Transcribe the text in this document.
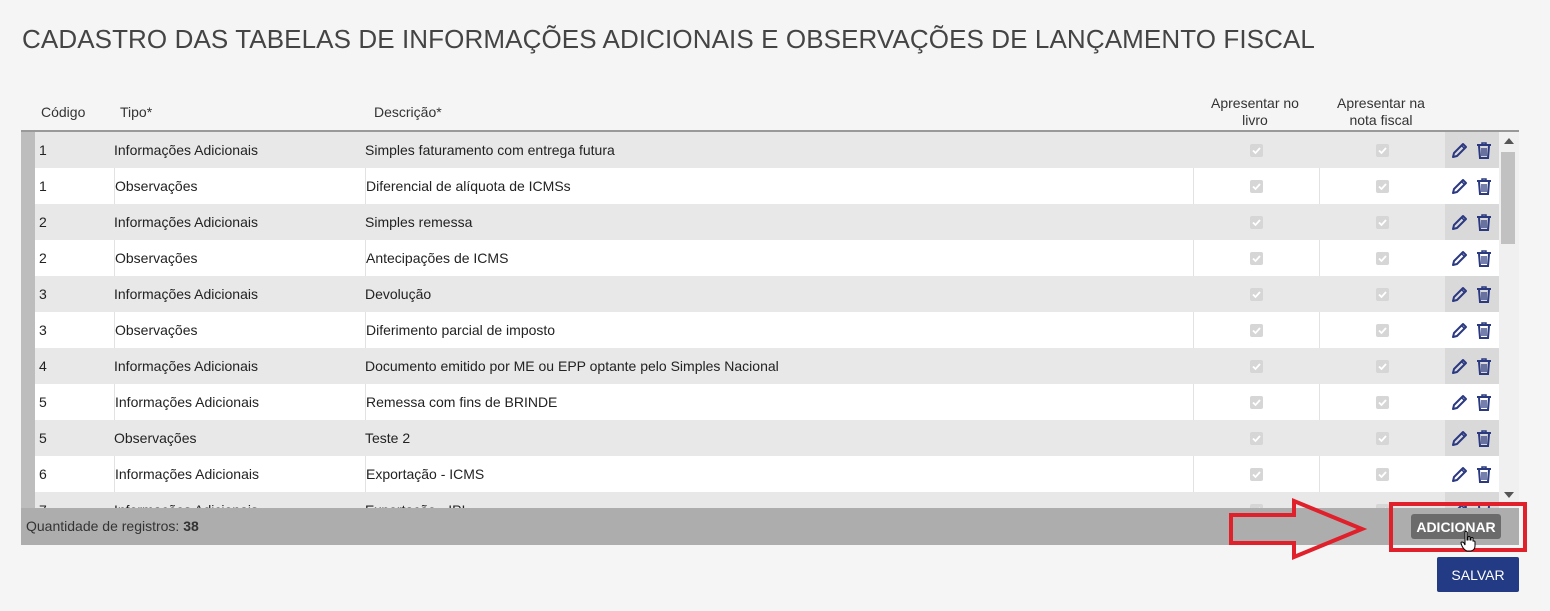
CADASTRO DAS TABELAS DE INFORMAÇÕES ADICIONAIS E OBSERVAÇÕES DE LANÇAMENTO FISCAL
Código	Tipo*	Descrição*
Apresentar no
livro
Apresentar na
nota fiscal
1	Informações Adicionais	Simples faturamento com entrega futura
1	Observações	Diferencial de alíquota de ICMSs
2	Informações Adicionais	Simples remessa
2	Observações	Antecipações de ICMS
3	Informações Adicionais	Devolução
3	Observações	Diferimento parcial de imposto
4	Informações Adicionais	Documento emitido por ME ou EPP optante pelo Simples Nacional
5	Informações Adicionais	Remessa com fins de BRINDE
5	Observações	Teste 2
6	Informações Adicionais	Exportação - ICMS
Quantidade de registros: 38	ADICIONAR
SALVAR
